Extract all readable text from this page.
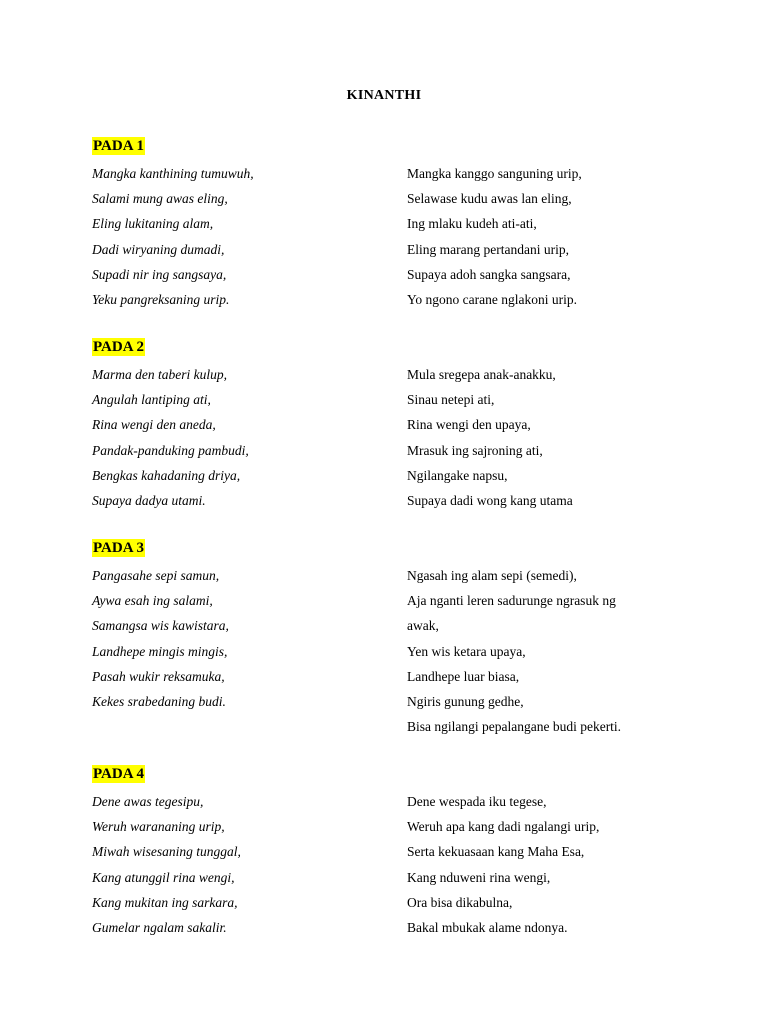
KINANTHI
PADA 1
Mangka kanthining tumuwuh,
Salami mung awas eling,
Eling lukitaning alam,
Dadi wiryaning dumadi,
Supadi nir ing sangsaya,
Yeku pangreksaning urip.
Mangka kanggo sanguning urip,
Selawase kudu awas lan eling,
Ing mlaku kudeh ati-ati,
Eling marang pertandani urip,
Supaya adoh sangka sangsara,
Yo ngono carane nglakoni urip.
PADA 2
Marma den taberi kulup,
Angulah lantiping ati,
Rina wengi den aneda,
Pandak-panduking pambudi,
Bengkas kahadaning driya,
Supaya dadya utami.
Mula sregepa anak-anakku,
Sinau netepi ati,
Rina wengi den upaya,
Mrasuk ing sajroning ati,
Ngilangake napsu,
Supaya dadi wong kang utama
PADA 3
Pangasahe sepi samun,
Aywa esah ing salami,
Samangsa wis kawistara,
Landhepe mingis mingis,
Pasah wukir reksamuka,
Kekes srabedaning budi.
Ngasah ing alam sepi (semedi),
Aja nganti leren sadurunge ngrasuk ng
awak,
Yen wis ketara upaya,
Landhepe luar biasa,
Ngiris gunung gedhe,
Bisa ngilangi pepalangane budi pekerti.
PADA 4
Dene awas tegesipu,
Weruh warananing urip,
Miwah wisesaning tunggal,
Kang atunggil rina wengi,
Kang mukitan ing sarkara,
Gumelar ngalam sakalir.
Dene wespada iku tegese,
Weruh apa kang dadi ngalangi urip,
Serta kekuasaan kang Maha Esa,
Kang nduweni rina wengi,
Ora bisa dikabulna,
Bakal mbukak alame ndonya.
